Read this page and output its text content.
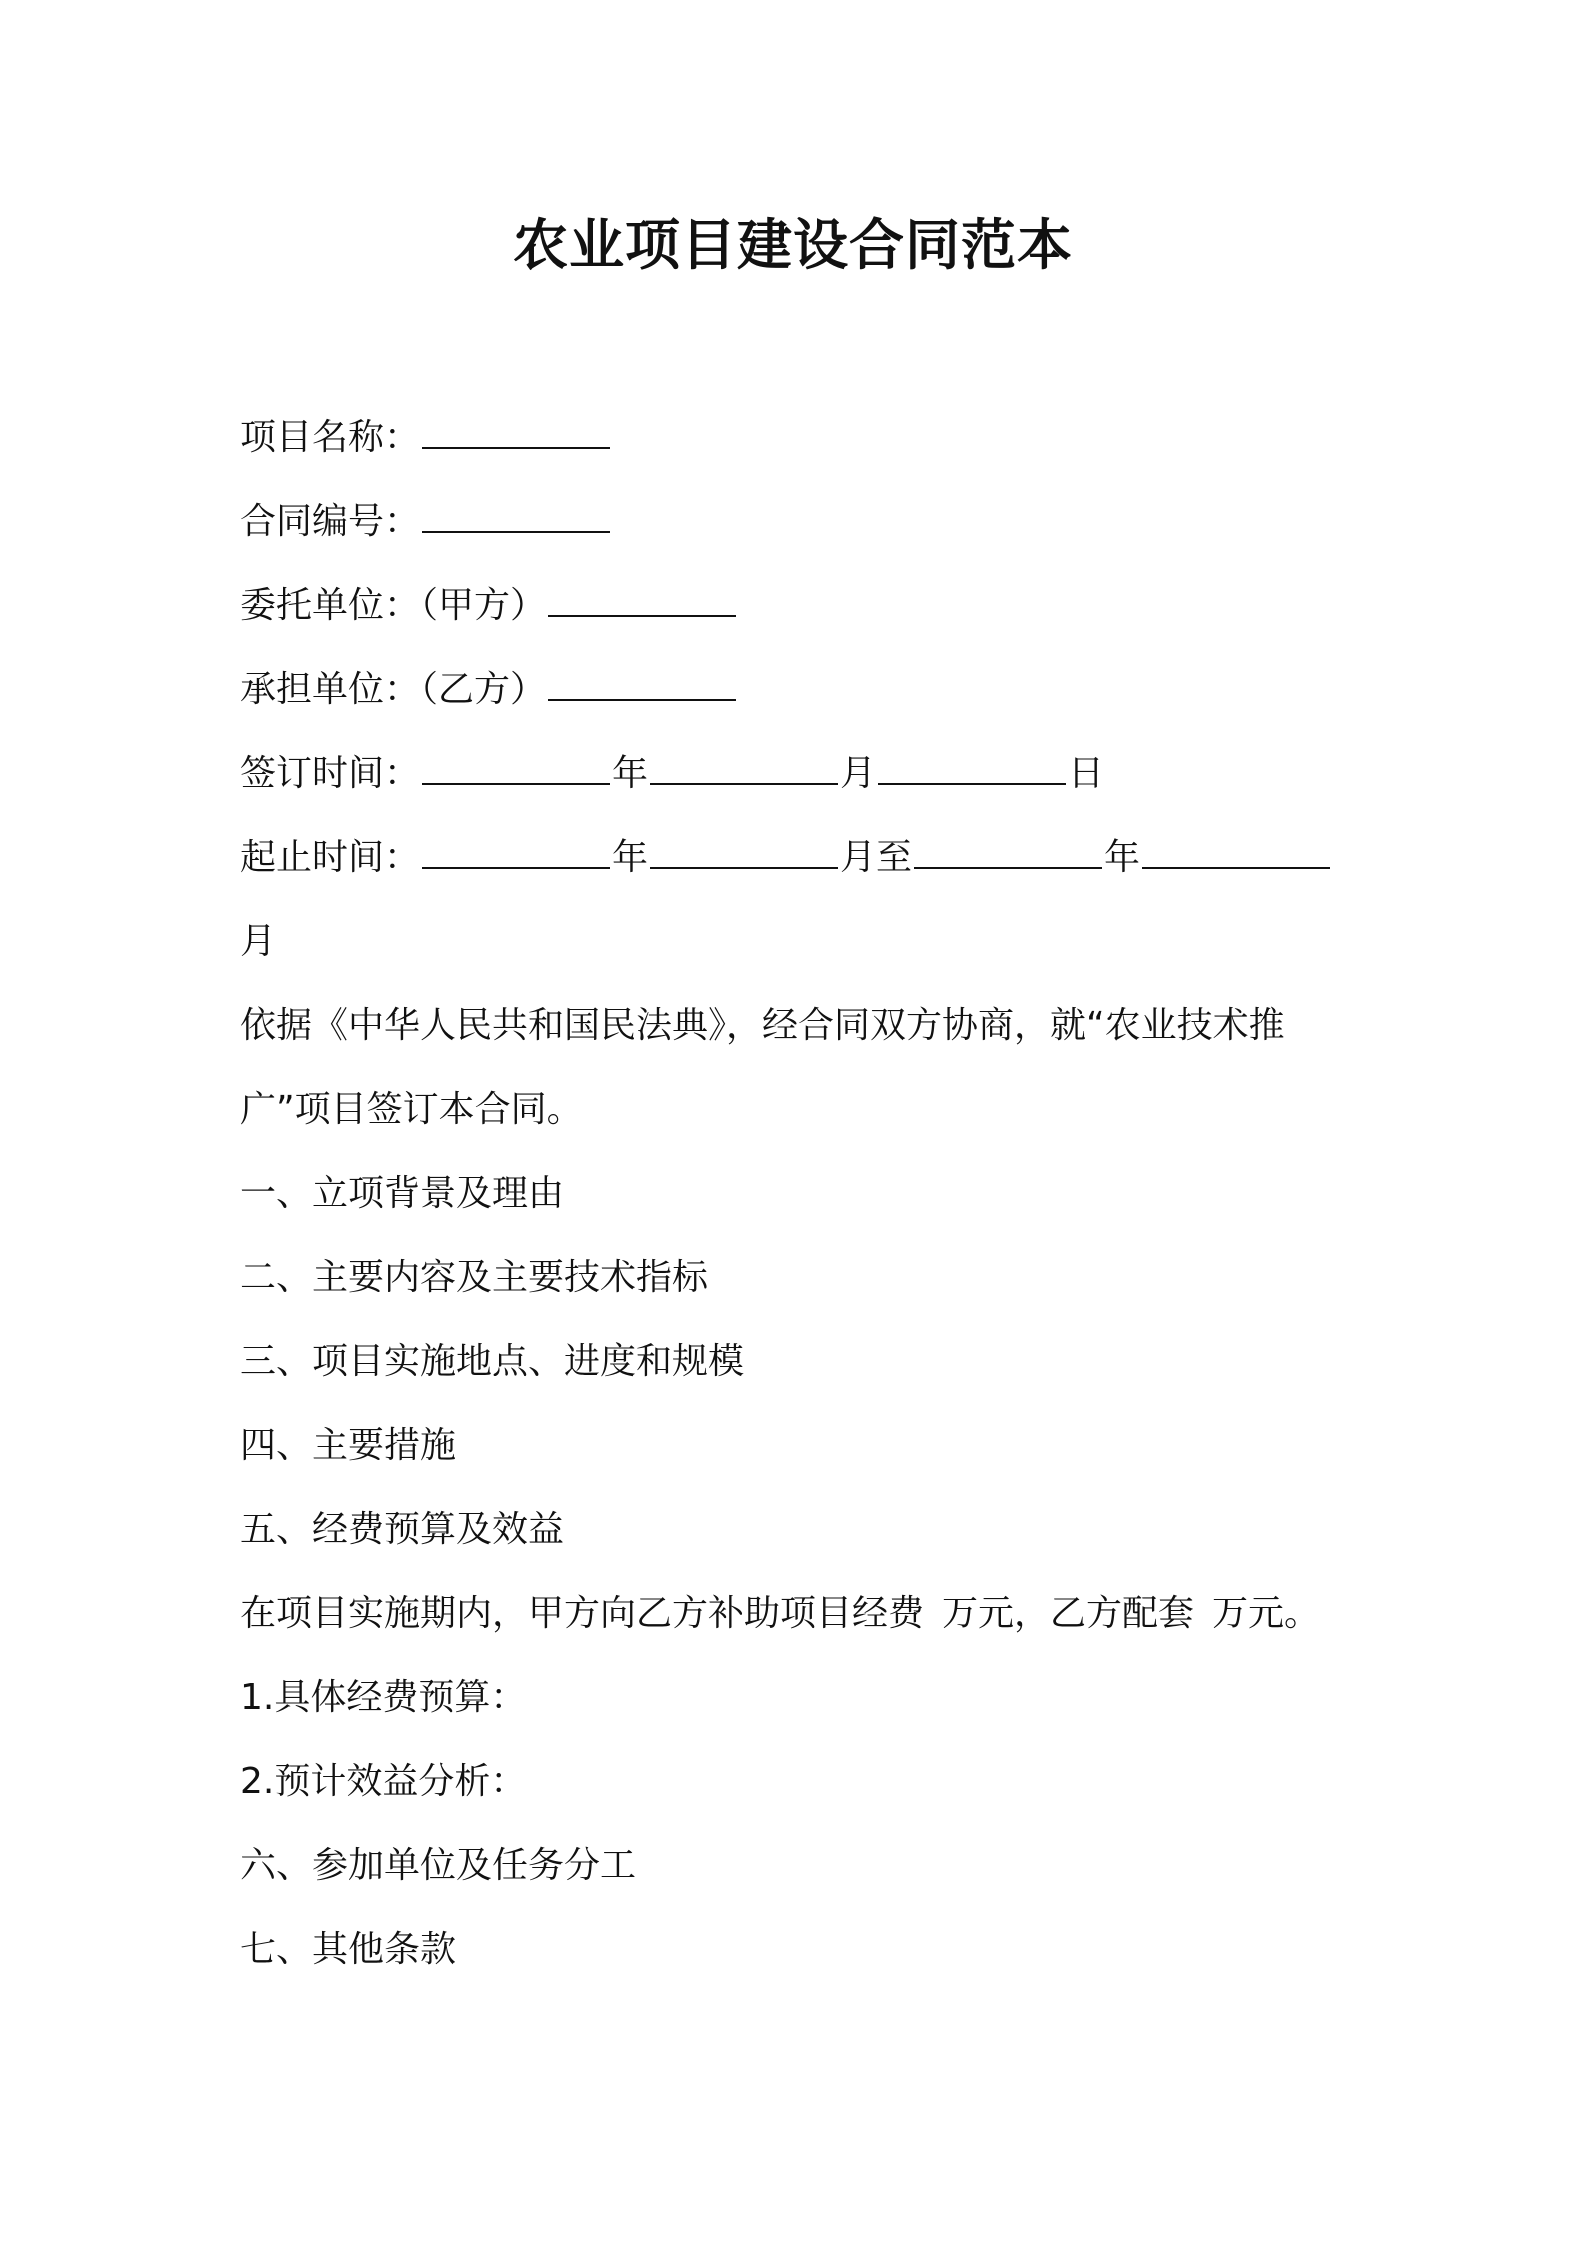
农业项目建设合同范本
项目名称：
合同编号：
委托单位：（甲方）
承担单位：（乙方）
签订时间：	年	月	日
起止时间：	年	月至	年
月
依据《中华人民共和国民法典》，经合同双方协商，就“农业技术推
广”项目签订本合同。
一、立项背景及理由
二、主要内容及主要技术指标
三、项目实施地点、进度和规模
四、主要措施
五、经费预算及效益
在项目实施期内，甲方向乙方补助项目经费 万元，乙方配套 万元。
1.具体经费预算：
2.预计效益分析：
六、参加单位及任务分工
七、其他条款
